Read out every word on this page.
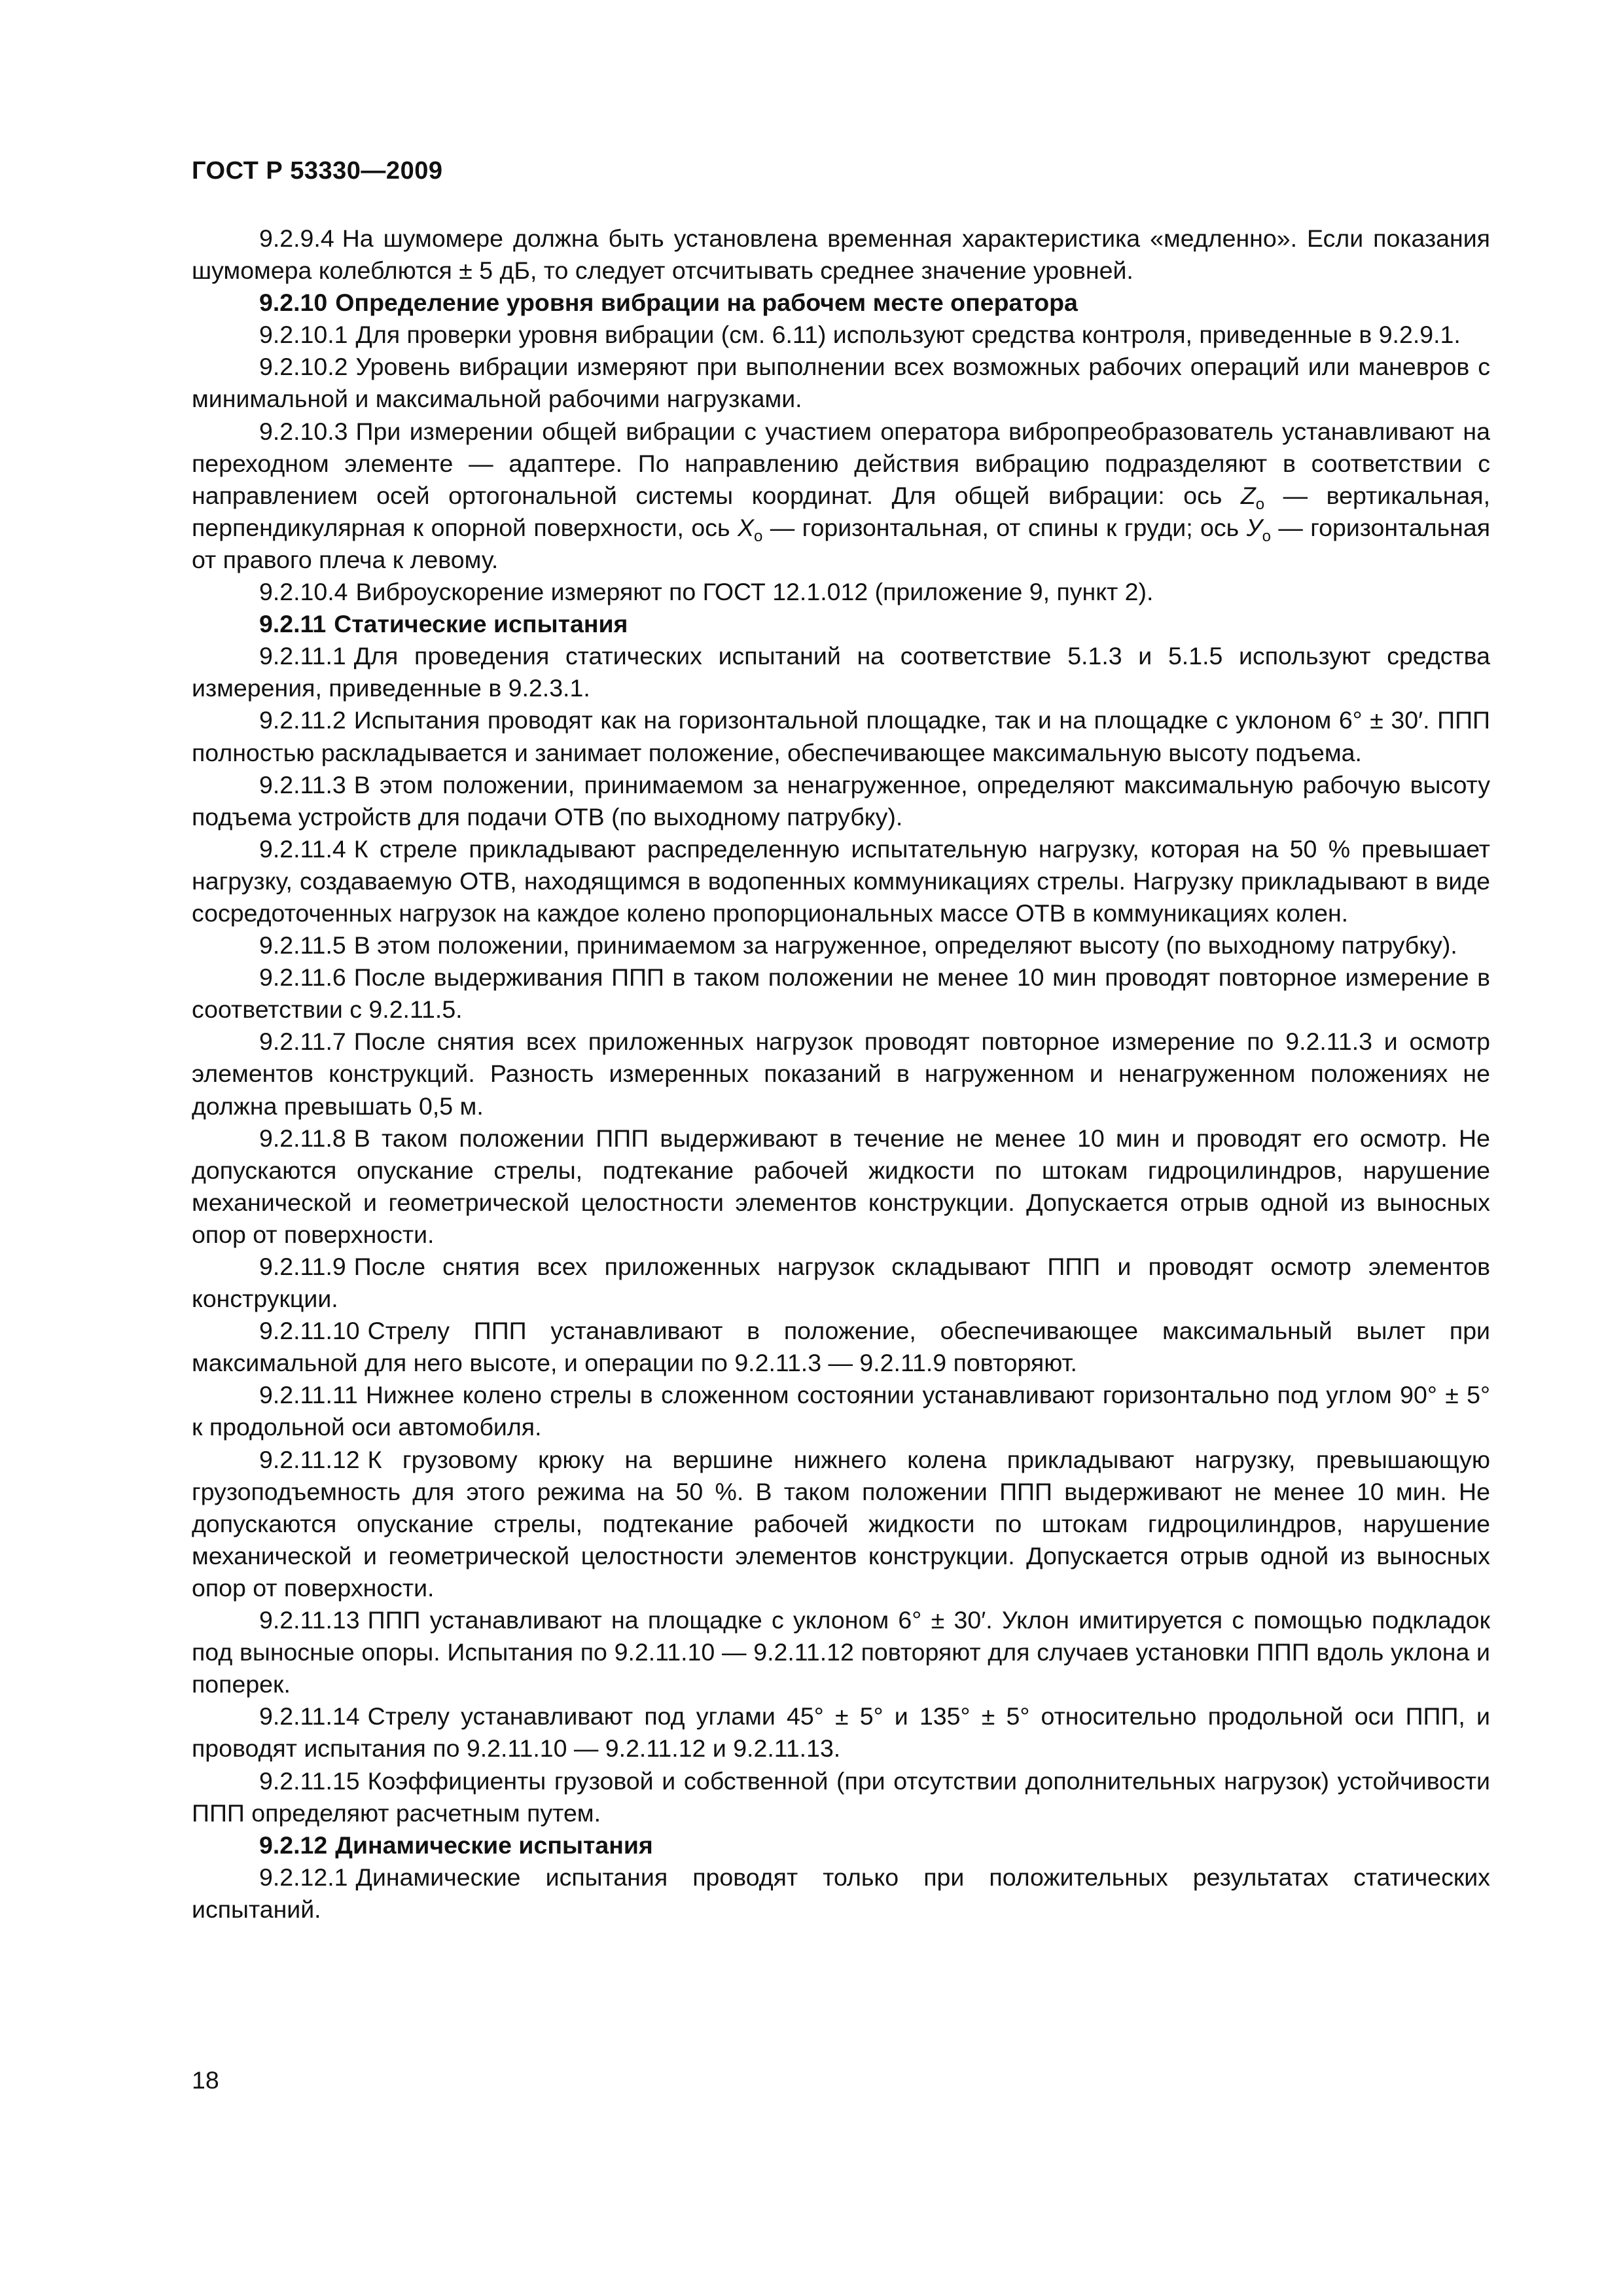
ГОСТ Р 53330—2009

9.2.9.4 На шумомере должна быть установлена временная характеристика «медленно». Если показания шумомера колеблются ± 5 дБ, то следует отсчитывать среднее значение уровней.

9.2.10 Определение уровня вибрации на рабочем месте оператора

9.2.10.1 Для проверки уровня вибрации (см. 6.11) используют средства контроля, приведенные в 9.2.9.1.

9.2.10.2 Уровень вибрации измеряют при выполнении всех возможных рабочих операций или маневров с минимальной и максимальной рабочими нагрузками.

9.2.10.3 При измерении общей вибрации с участием оператора вибропреобразователь устанавливают на переходном элементе — адаптере. По направлению действия вибрацию подразделяют в соответствии с направлением осей ортогональной системы координат. Для общей вибрации: ось $Z_о$ — вертикальная, перпендикулярная к опорной поверхности, ось $X_о$ — горизонтальная, от спины к груди; ось $У_о$ — горизонтальная от правого плеча к левому.

9.2.10.4 Виброускорение измеряют по ГОСТ 12.1.012 (приложение 9, пункт 2).

9.2.11 Статические испытания

9.2.11.1 Для проведения статических испытаний на соответствие 5.1.3 и 5.1.5 используют средства измерения, приведенные в 9.2.3.1.

9.2.11.2 Испытания проводят как на горизонтальной площадке, так и на площадке с уклоном 6° ± 30′. ППП полностью раскладывается и занимает положение, обеспечивающее максимальную высоту подъема.

9.2.11.3 В этом положении, принимаемом за ненагруженное, определяют максимальную рабочую высоту подъема устройств для подачи ОТВ (по выходному патрубку).

9.2.11.4 К стреле прикладывают распределенную испытательную нагрузку, которая на 50 % превышает нагрузку, создаваемую ОТВ, находящимся в водопенных коммуникациях стрелы. Нагрузку прикладывают в виде сосредоточенных нагрузок на каждое колено пропорциональных массе ОТВ в коммуникациях колен.

9.2.11.5 В этом положении, принимаемом за нагруженное, определяют высоту (по выходному патрубку).

9.2.11.6 После выдерживания ППП в таком положении не менее 10 мин проводят повторное измерение в соответствии с 9.2.11.5.

9.2.11.7 После снятия всех приложенных нагрузок проводят повторное измерение по 9.2.11.3 и осмотр элементов конструкций. Разность измеренных показаний в нагруженном и ненагруженном положениях не должна превышать 0,5 м.

9.2.11.8 В таком положении ППП выдерживают в течение не менее 10 мин и проводят его осмотр. Не допускаются опускание стрелы, подтекание рабочей жидкости по штокам гидроцилиндров, нарушение механической и геометрической целостности элементов конструкции. Допускается отрыв одной из выносных опор от поверхности.

9.2.11.9 После снятия всех приложенных нагрузок складывают ППП и проводят осмотр элементов конструкции.

9.2.11.10 Стрелу ППП устанавливают в положение, обеспечивающее максимальный вылет при максимальной для него высоте, и операции по 9.2.11.3 — 9.2.11.9 повторяют.

9.2.11.11 Нижнее колено стрелы в сложенном состоянии устанавливают горизонтально под углом 90° ± 5° к продольной оси автомобиля.

9.2.11.12 К грузовому крюку на вершине нижнего колена прикладывают нагрузку, превышающую грузоподъемность для этого режима на 50 %. В таком положении ППП выдерживают не менее 10 мин. Не допускаются опускание стрелы, подтекание рабочей жидкости по штокам гидроцилиндров, нарушение механической и геометрической целостности элементов конструкции. Допускается отрыв одной из выносных опор от поверхности.

9.2.11.13 ППП устанавливают на площадке с уклоном 6° ± 30′. Уклон имитируется с помощью подкладок под выносные опоры. Испытания по 9.2.11.10 — 9.2.11.12 повторяют для случаев установки ППП вдоль уклона и поперек.

9.2.11.14 Стрелу устанавливают под углами 45° ± 5° и 135° ± 5° относительно продольной оси ППП, и проводят испытания по 9.2.11.10 — 9.2.11.12 и 9.2.11.13.

9.2.11.15 Коэффициенты грузовой и собственной (при отсутствии дополнительных нагрузок) устойчивости ППП определяют расчетным путем.

9.2.12 Динамические испытания

9.2.12.1 Динамические испытания проводят только при положительных результатах статических испытаний.

18
